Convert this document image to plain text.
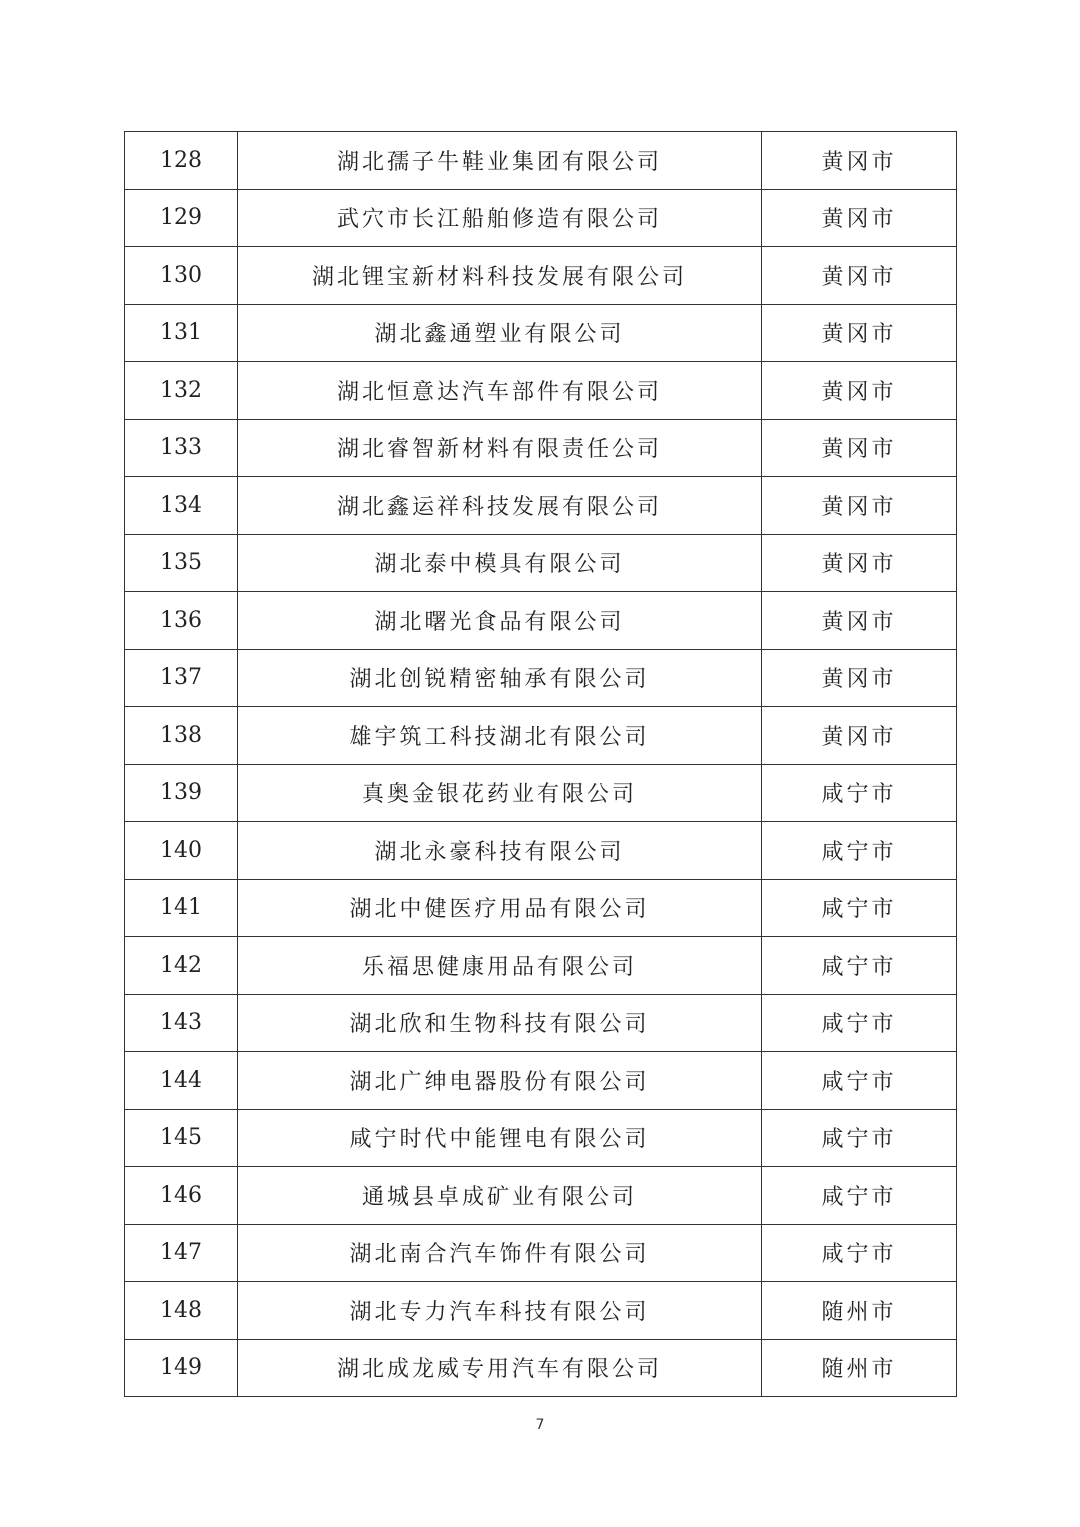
128	湖北孺子牛鞋业集团有限公司	黄冈市
129	武穴市长江船舶修造有限公司	黄冈市
130	湖北锂宝新材料科技发展有限公司	黄冈市
131	湖北鑫通塑业有限公司	黄冈市
132	湖北恒意达汽车部件有限公司	黄冈市
133	湖北睿智新材料有限责任公司	黄冈市
134	湖北鑫运祥科技发展有限公司	黄冈市
135	湖北泰中模具有限公司	黄冈市
136	湖北曙光食品有限公司	黄冈市
137	湖北创锐精密轴承有限公司	黄冈市
138	雄宇筑工科技湖北有限公司	黄冈市
139	真奥金银花药业有限公司	咸宁市
140	湖北永豪科技有限公司	咸宁市
141	湖北中健医疗用品有限公司	咸宁市
142	乐福思健康用品有限公司	咸宁市
143	湖北欣和生物科技有限公司	咸宁市
144	湖北广绅电器股份有限公司	咸宁市
145	咸宁时代中能锂电有限公司	咸宁市
146	通城县卓成矿业有限公司	咸宁市
147	湖北南合汽车饰件有限公司	咸宁市
148	湖北专力汽车科技有限公司	随州市
149	湖北成龙威专用汽车有限公司	随州市
7
